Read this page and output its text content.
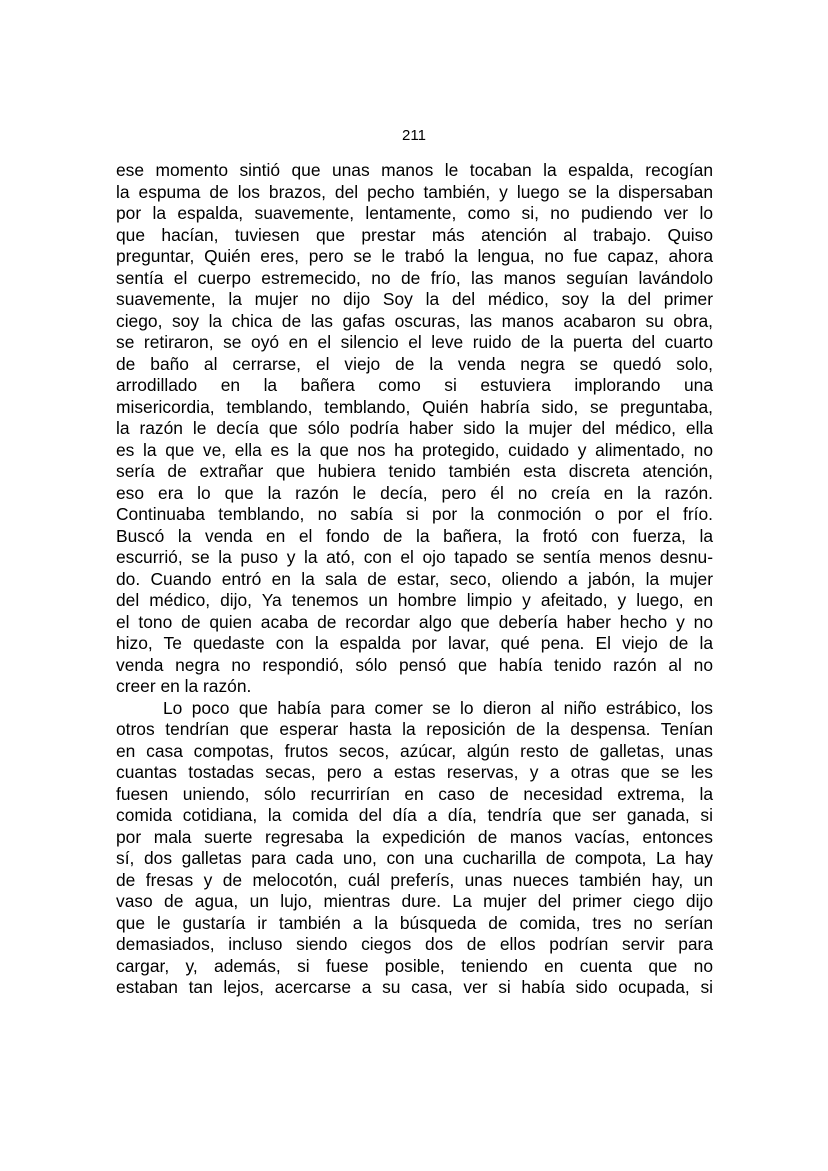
211
ese momento sintió que unas manos le tocaban la espalda, recogían
la espuma de los brazos, del pecho también, y luego se la dispersaban
por la espalda, suavemente, lentamente, como si, no pudiendo ver lo
que hacían, tuviesen que prestar más atención al trabajo. Quiso
preguntar, Quién eres, pero se le trabó la lengua, no fue capaz, ahora
sentía el cuerpo estremecido, no de frío, las manos seguían lavándolo
suavemente, la mujer no dijo Soy la del médico, soy la del primer
ciego, soy la chica de las gafas oscuras, las manos acabaron su obra,
se retiraron, se oyó en el silencio el leve ruido de la puerta del cuarto
de baño al cerrarse, el viejo de la venda negra se quedó solo,
arrodillado en la bañera como si estuviera implorando una
misericordia, temblando, temblando, Quién habría sido, se preguntaba,
la razón le decía que sólo podría haber sido la mujer del médico, ella
es la que ve, ella es la que nos ha protegido, cuidado y alimentado, no
sería de extrañar que hubiera tenido también esta discreta atención,
eso era lo que la razón le decía, pero él no creía en la razón.
Continuaba temblando, no sabía si por la conmoción o por el frío.
Buscó la venda en el fondo de la bañera, la frotó con fuerza, la
escurrió, se la puso y la ató, con el ojo tapado se sentía menos desnu-
do. Cuando entró en la sala de estar, seco, oliendo a jabón, la mujer
del médico, dijo, Ya tenemos un hombre limpio y afeitado, y luego, en
el tono de quien acaba de recordar algo que debería haber hecho y no
hizo, Te quedaste con la espalda por lavar, qué pena. El viejo de la
venda negra no respondió, sólo pensó que había tenido razón al no
creer en la razón.
Lo poco que había para comer se lo dieron al niño estrábico, los
otros tendrían que esperar hasta la reposición de la despensa. Tenían
en casa compotas, frutos secos, azúcar, algún resto de galletas, unas
cuantas tostadas secas, pero a estas reservas, y a otras que se les
fuesen uniendo, sólo recurrirían en caso de necesidad extrema, la
comida cotidiana, la comida del día a día, tendría que ser ganada, si
por mala suerte regresaba la expedición de manos vacías, entonces
sí, dos galletas para cada uno, con una cucharilla de compota, La hay
de fresas y de melocotón, cuál preferís, unas nueces también hay, un
vaso de agua, un lujo, mientras dure. La mujer del primer ciego dijo
que le gustaría ir también a la búsqueda de comida, tres no serían
demasiados, incluso siendo ciegos dos de ellos podrían servir para
cargar, y, además, si fuese posible, teniendo en cuenta que no
estaban tan lejos, acercarse a su casa, ver si había sido ocupada, si
